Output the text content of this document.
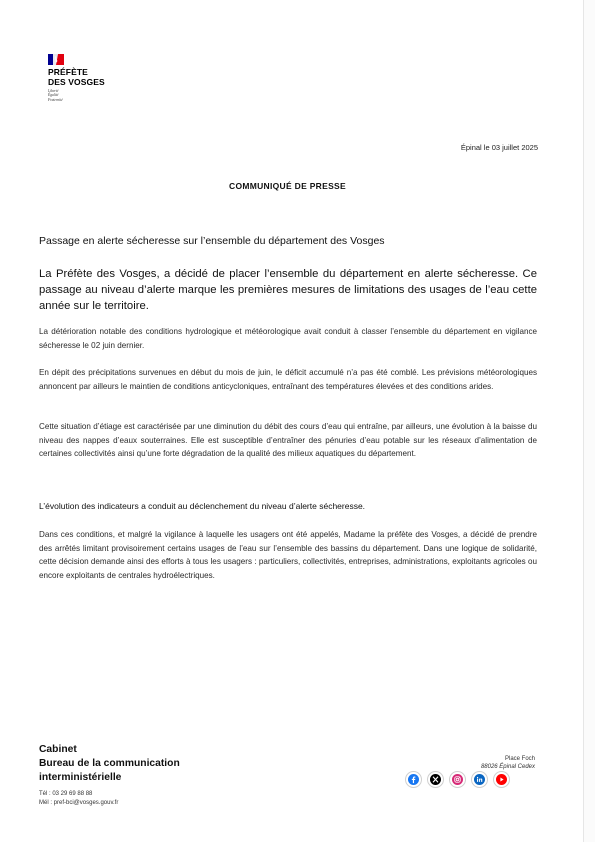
PRÉFÈTE
DES VOSGES
Liberté
Égalité
Fraternité
Épinal le 03 juillet 2025
COMMUNIQUÉ DE PRESSE
Passage en alerte sécheresse sur l’ensemble du département des Vosges
La Préfète des Vosges, a décidé de placer l’ensemble du département en alerte sécheresse. Ce passage au niveau d’alerte marque les premières mesures de limitations des usages de l’eau cette année sur le territoire.

La détérioration notable des conditions hydrologique et météorologique avait conduit à classer l’ensemble du département en vigilance sécheresse le 02 juin dernier.

En dépit des précipitations survenues en début du mois de juin, le déficit accumulé n’a pas été comblé. Les prévisions météorologiques annoncent par ailleurs le maintien de conditions anticycloniques, entraînant des températures élevées et des conditions arides.

Cette situation d’étiage est caractérisée par une diminution du débit des cours d’eau qui entraîne, par ailleurs, une évolution à la baisse du niveau des nappes d’eaux souterraines. Elle est susceptible d’entraîner des pénuries d’eau potable sur les réseaux d’alimentation de certaines collectivités ainsi qu’une forte dégradation de la qualité des milieux aquatiques du département.

L’évolution des indicateurs a conduit au déclenchement du niveau d’alerte sécheresse.

Dans ces conditions, et malgré la vigilance à laquelle les usagers ont été appelés, Madame la préfète des Vosges, a décidé de prendre des arrêtés limitant provisoirement certains usages de l’eau sur l’ensemble des bassins du département. Dans une logique de solidarité, cette décision demande ainsi des efforts à tous les usagers : particuliers, collectivités, entreprises, administrations, exploitants agricoles ou encore exploitants de centrales hydroélectriques.

Cabinet
Bureau de la communication
interministérielle
Tél : 03 29 69 88 88
Mél : pref-bci@vosges.gouv.fr
Place Foch
88026 Épinal Cedex
